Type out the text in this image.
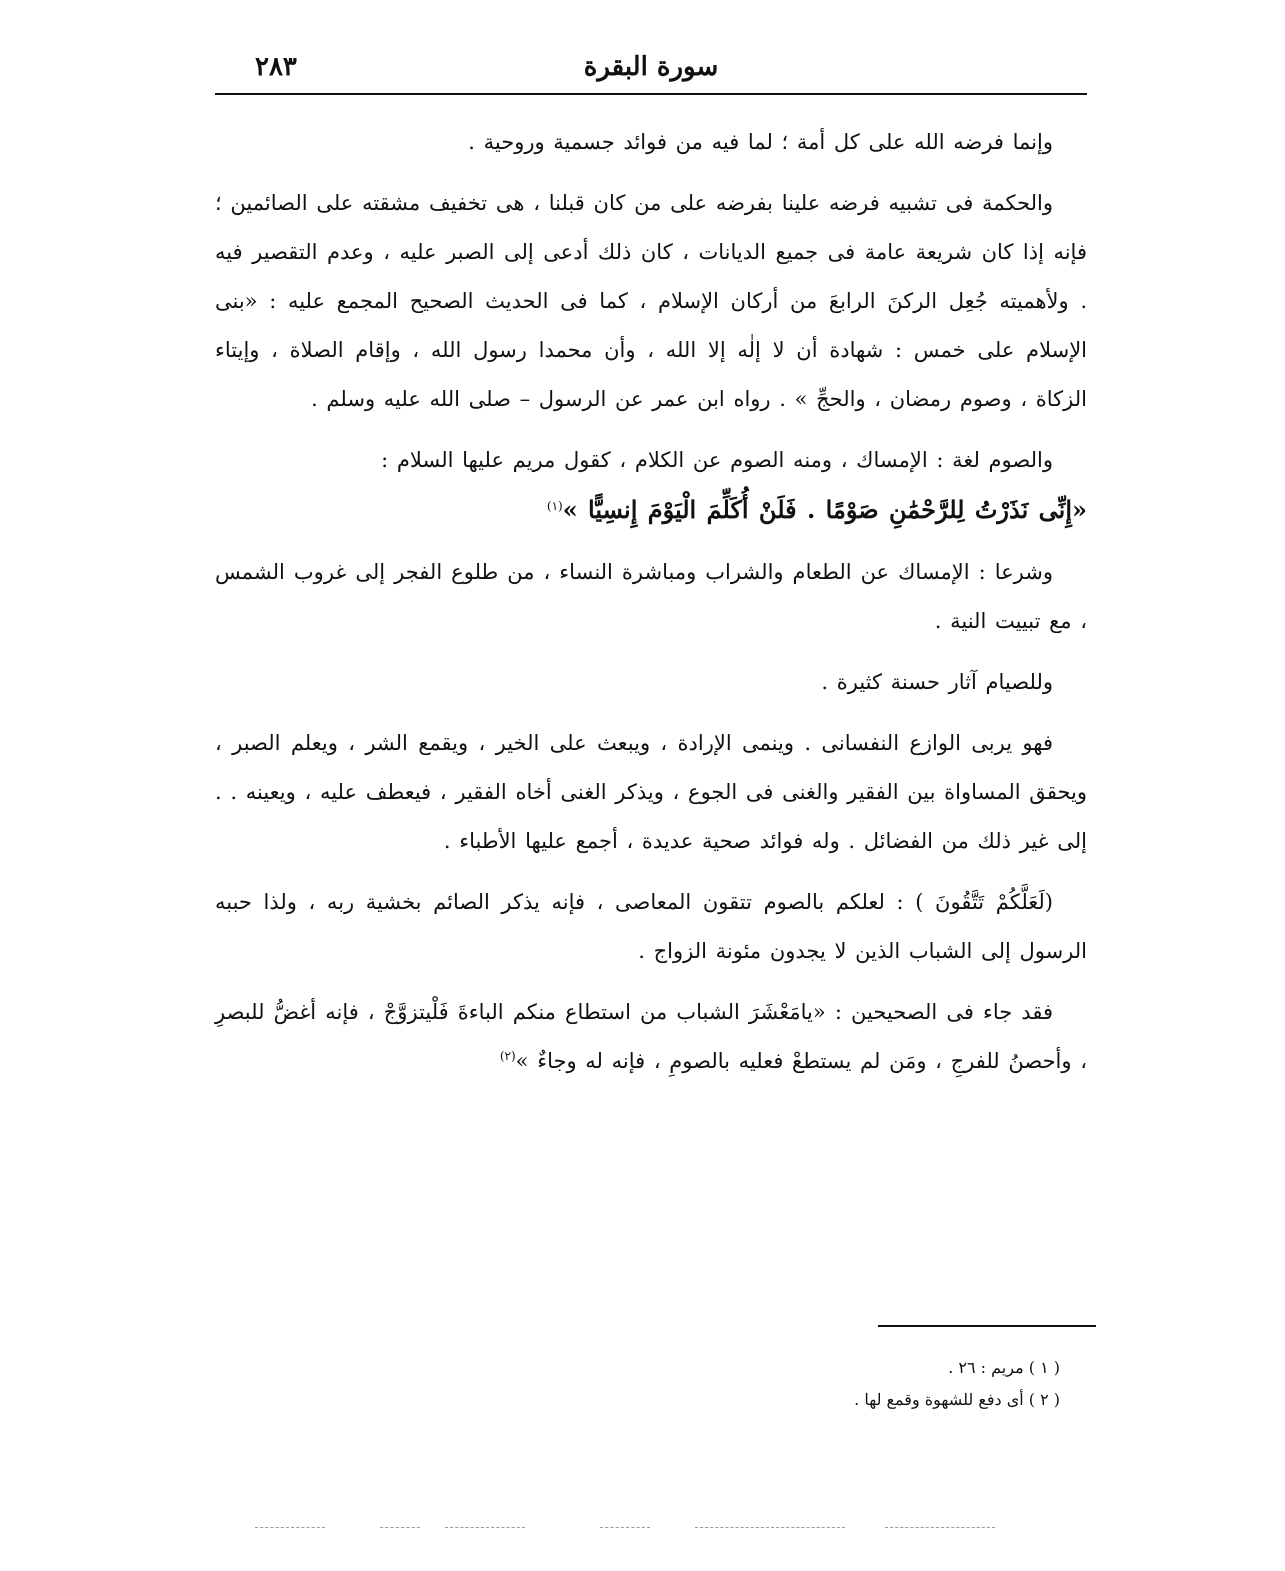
٢٨٣	سورة البقرة

وإنما فرضه الله على كل أمة ؛ لما فيه من فوائد جسمية وروحية .

والحكمة فى تشبيه فرضه علينا بفرضه على من كان قبلنا ، هى تخفيف مشقته على الصائمين ؛ فإنه إذا كان شريعة عامة فى جميع الديانات ، كان ذلك أدعى إلى الصبر عليه ، وعدم التقصير فيه . ولأهميته جُعِل الركنَ الرابعَ من أركان الإسلام ، كما فى الحديث الصحيح المجمع عليه : «بنى الإسلام على خمس : شهادة أن لا إلٰه إلا الله ، وأن محمدا رسول الله ، وإقام الصلاة ، وإيتاء الزكاة ، وصوم رمضان ، والحجِّ » . رواه ابن عمر عن الرسول – صلى الله عليه وسلم .

والصوم لغة : الإمساك ، ومنه الصوم عن الكلام ، كقول مريم عليها السلام :
«إِنِّى نَذَرْتُ لِلرَّحْمَٰنِ صَوْمًا . فَلَنْ أُكَلِّمَ الْيَوْمَ إِنسِيًّا »$^{(١)}$

وشرعا : الإمساك عن الطعام والشراب ومباشرة النساء ، من طلوع الفجر إلى غروب الشمس ، مع تبييت النية .

وللصيام آثار حسنة كثيرة .

فهو يربى الوازع النفسانى . وينمى الإرادة ، ويبعث على الخير ، ويقمع الشر ، ويعلم الصبر ، ويحقق المساواة بين الفقير والغنى فى الجوع ، ويذكر الغنى أخاه الفقير ، فيعطف عليه ، ويعينه . . إلى غير ذلك من الفضائل . وله فوائد صحية عديدة ، أجمع عليها الأطباء .

(لَعَلَّكُمْ تَتَّقُونَ ) : لعلكم بالصوم تتقون المعاصى ، فإنه يذكر الصائم بخشية ربه ، ولذا حببه الرسول إلى الشباب الذين لا يجدون مئونة الزواج .

فقد جاء فى الصحيحين : «يامَعْشَرَ الشباب من استطاع منكم الباءةَ فَلْيتزوَّجْ ، فإنه أغضُّ للبصرِ ، وأحصنُ للفرجِ ، ومَن لم يستطعْ فعليه بالصومِ ، فإنه له وجاءٌ »$^{(٢)}$

( ١ ) مريم : ٢٦ .
( ٢ ) أى دفع للشهوة وقمع لها .
